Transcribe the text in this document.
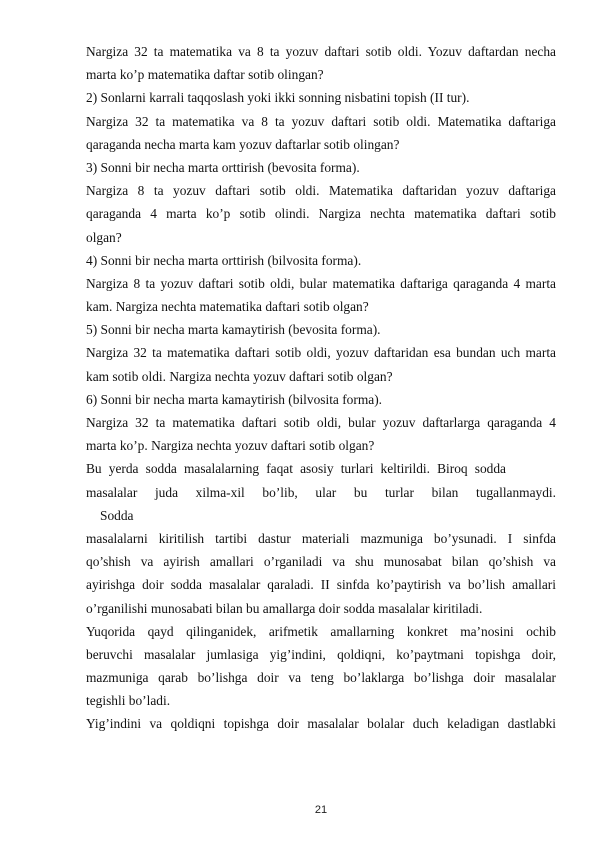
Nargiza 32 ta matematika va 8 ta yozuv daftari sotib oldi. Yozuv daftardan necha
marta ko’p matematika daftar sotib olingan?
2) Sonlarni karrali taqqoslash yoki ikki sonning nisbatini topish (II tur).
Nargiza 32 ta matematika va 8 ta yozuv daftari sotib oldi. Matematika daftariga
qaraganda necha marta kam yozuv daftarlar sotib olingan?
3) Sonni bir necha marta orttirish (bevosita forma).
Nargiza 8 ta yozuv daftari sotib oldi. Matematika daftaridan yozuv daftariga
qaraganda 4 marta ko’p sotib olindi. Nargiza nechta matematika daftari sotib
olgan?
4) Sonni bir necha marta orttirish (bilvosita forma).
Nargiza 8 ta yozuv daftari sotib oldi, bular matematika daftariga qaraganda 4 marta
kam. Nargiza nechta matematika daftari sotib olgan?
5) Sonni bir necha marta kamaytirish (bevosita forma).
Nargiza 32 ta matematika daftari sotib oldi, yozuv daftaridan esa bundan uch marta
kam sotib oldi. Nargiza nechta yozuv daftari sotib olgan?
6) Sonni bir necha marta kamaytirish (bilvosita forma).
Nargiza 32 ta matematika daftari sotib oldi, bular yozuv daftarlarga qaraganda 4
marta ko’p. Nargiza nechta yozuv daftari sotib olgan?
Bu yerda sodda masalalarning faqat asosiy turlari keltirildi. Biroq sodda
masalalar juda xilma-xil bo’lib, ular bu turlar bilan tugallanmaydi.
Sodda
masalalarni kiritilish tartibi dastur materiali mazmuniga bo’ysunadi. I sinfda
qo’shish va ayirish amallari o’rganiladi va shu munosabat bilan qo’shish va
ayirishga doir sodda masalalar qaraladi. II sinfda ko’paytirish va bo’lish amallari
o’rganilishi munosabati bilan bu amallarga doir sodda masalalar kiritiladi.
Yuqorida qayd qilinganidek, arifmetik amallarning konkret ma’nosini ochib
beruvchi masalalar jumlasiga yig’indini, qoldiqni, ko’paytmani topishga doir,
mazmuniga qarab bo’lishga doir va teng bo’laklarga bo’lishga doir masalalar
tegishli bo’ladi.
Yig’indini va qoldiqni topishga doir masalalar bolalar duch keladigan dastlabki
21
